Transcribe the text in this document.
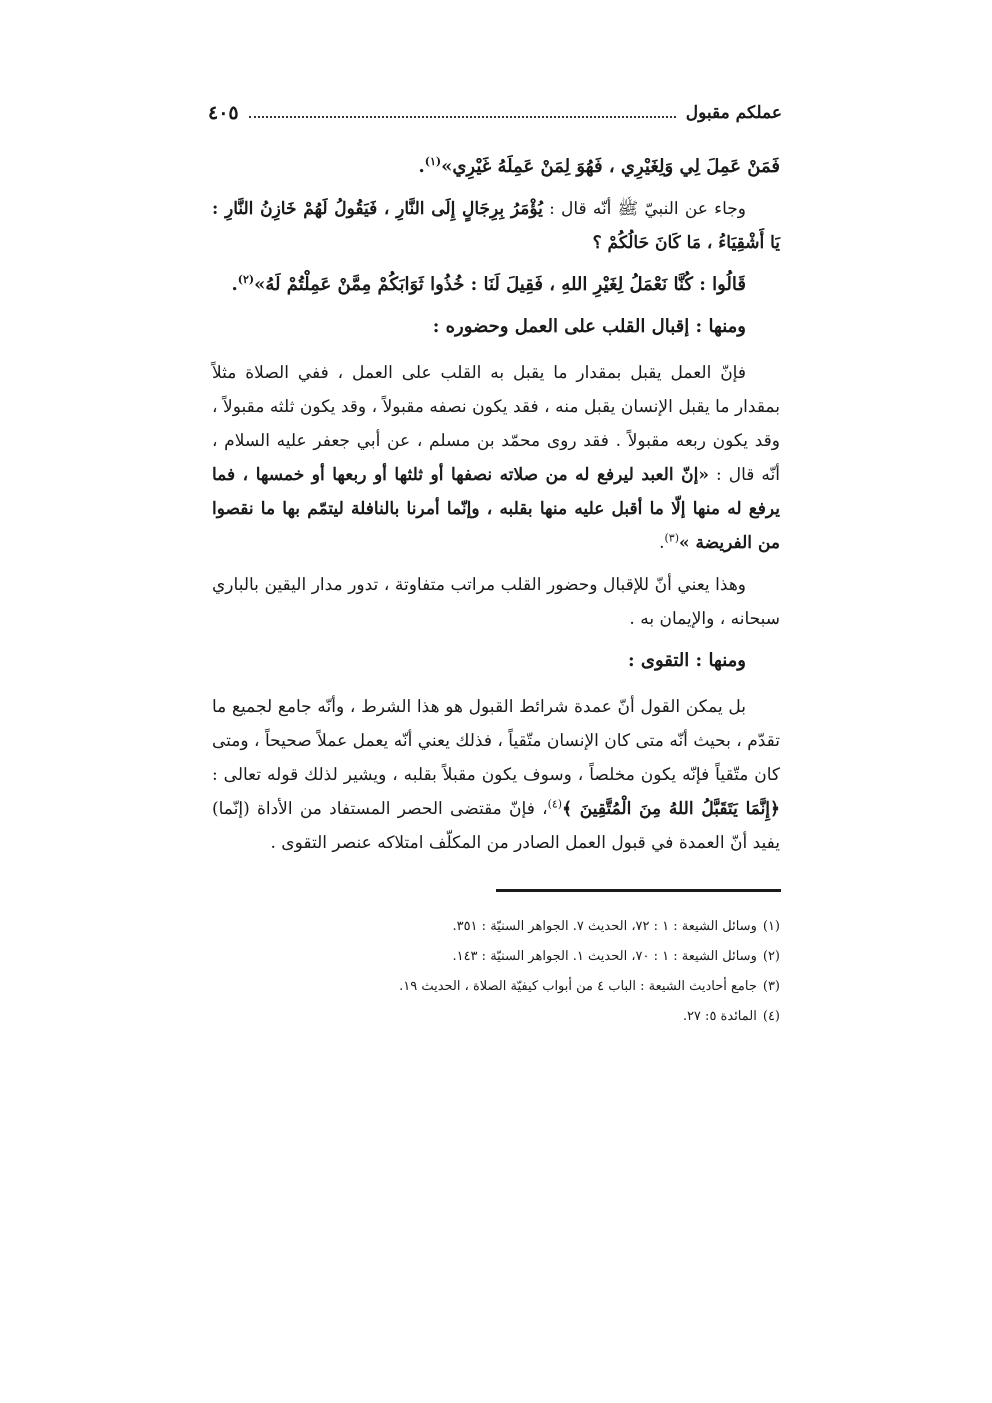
عملكم مقبول
٤٠٥

فَمَنْ عَمِلَ لِي وَلِغَيْرِي ، فَهُوَ لِمَنْ عَمِلَهُ غَيْرِي»$^{(١)}$.

وجاء عن النبيّ ﷺ أنّه قال : يُؤْمَرُ بِرِجَالٍ إِلَى النَّارِ ، فَيَقُولُ لَهُمْ خَازِنُ النَّارِ : يَا أَشْقِيَاءُ ، مَا كَانَ حَالُكُمْ ؟

قَالُوا : كُنَّا نَعْمَلُ لِغَيْرِ اللهِ ، فَقِيلَ لَنَا : خُذُوا ثَوَابَكُمْ مِمَّنْ عَمِلْتُمْ لَهُ»$^{(٢)}$.

ومنها : إقبال القلب على العمل وحضوره :

فإنّ العمل يقبل بمقدار ما يقبل به القلب على العمل ، ففي الصلاة مثلاً بمقدار ما يقبل الإنسان يقبل منه ، فقد يكون نصفه مقبولاً ، وقد يكون ثلثه مقبولاً ، وقد يكون ربعه مقبولاً . فقد روى محمّد بن مسلم ، عن أبي جعفر عليه السلام ، أنّه قال : «إنّ العبد ليرفع له من صلاته نصفها أو ثلثها أو ربعها أو خمسها ، فما يرفع له منها إلّا ما أقبل عليه منها بقلبه ، وإنّما أمرنا بالنافلة ليتمّم بها ما نقصوا من الفريضة »$^{(٣)}$.

وهذا يعني أنّ للإقبال وحضور القلب مراتب متفاوتة ، تدور مدار اليقين بالباري سبحانه ، والإيمان به .

ومنها : التقوى :

بل يمكن القول أنّ عمدة شرائط القبول هو هذا الشرط ، وأنّه جامع لجميع ما تقدّم ، بحيث أنّه متى كان الإنسان متّقياً ، فذلك يعني أنّه يعمل عملاً صحيحاً ، ومتى كان متّقياً فإنّه يكون مخلصاً ، وسوف يكون مقبلاً بقلبه ، ويشير لذلك قوله تعالى : ﴿إِنَّمَا يَتَقَبَّلُ اللهُ مِنَ الْمُتَّقِينَ ﴾$^{(٤)}$، فإنّ مقتضى الحصر المستفاد من الأداة (إنّما) يفيد أنّ العمدة في قبول العمل الصادر من المكلّف امتلاكه عنصر التقوى .

(١)وسائل الشيعة : ١ : ٧٢، الحديث ٧. الجواهر السنيّة : ٣٥١.

(٢)وسائل الشيعة : ١ : ٧٠، الحديث ١. الجواهر السنيّة : ١٤٣.

(٣)جامع أحاديث الشيعة : الباب ٤ من أبواب كيفيّة الصلاة ، الحديث ١٩.

(٤)المائدة ٥: ٢٧.
